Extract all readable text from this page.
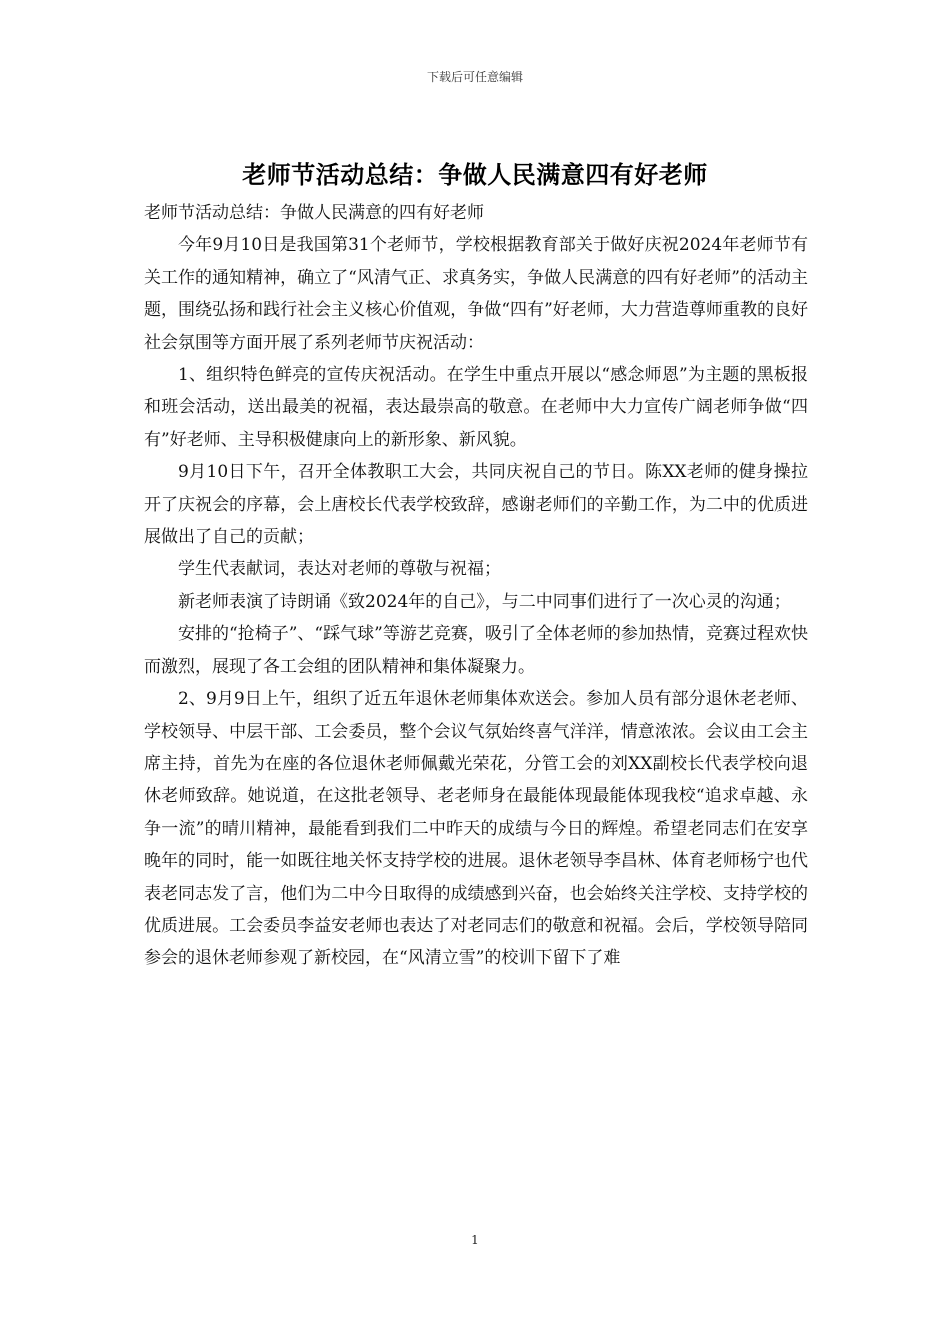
下载后可任意编辑
老师节活动总结：争做人民满意四有好老师

老师节活动总结：争做人民满意的四有好老师

今年9月10日是我国第31个老师节，学校根据教育部关于做好庆祝2024年老师节有关工作的通知精神，确立了“风清气正、求真务实，争做人民满意的四有好老师”的活动主题，围绕弘扬和践行社会主义核心价值观，争做“四有”好老师，大力营造尊师重教的良好社会氛围等方面开展了系列老师节庆祝活动：

1、组织特色鲜亮的宣传庆祝活动。在学生中重点开展以“感念师恩”为主题的黑板报和班会活动，送出最美的祝福，表达最崇高的敬意。在老师中大力宣传广阔老师争做“四有”好老师、主导积极健康向上的新形象、新风貌。

9月10日下午，召开全体教职工大会，共同庆祝自己的节日。陈XX老师的健身操拉开了庆祝会的序幕，会上唐校长代表学校致辞，感谢老师们的辛勤工作，为二中的优质进展做出了自己的贡献；

学生代表献词，表达对老师的尊敬与祝福；

新老师表演了诗朗诵《致2024年的自己》，与二中同事们进行了一次心灵的沟通；

安排的“抢椅子”、“踩气球”等游艺竞赛，吸引了全体老师的参加热情，竞赛过程欢快而激烈，展现了各工会组的团队精神和集体凝聚力。

2、9月9日上午，组织了近五年退休老师集体欢送会。参加人员有部分退休老老师、学校领导、中层干部、工会委员，整个会议气氛始终喜气洋洋，情意浓浓。会议由工会主席主持，首先为在座的各位退休老师佩戴光荣花，分管工会的刘XX副校长代表学校向退休老师致辞。她说道，在这批老领导、老老师身在最能体现最能体现我校“追求卓越、永争一流”的晴川精神，最能看到我们二中昨天的成绩与今日的辉煌。希望老同志们在安享晚年的同时，能一如既往地关怀支持学校的进展。退休老领导李昌林、体育老师杨宁也代表老同志发了言，他们为二中今日取得的成绩感到兴奋，也会始终关注学校、支持学校的优质进展。工会委员李益安老师也表达了对老同志们的敬意和祝福。会后，学校领导陪同参会的退休老师参观了新校园，在“风清立雪”的校训下留下了难

1
